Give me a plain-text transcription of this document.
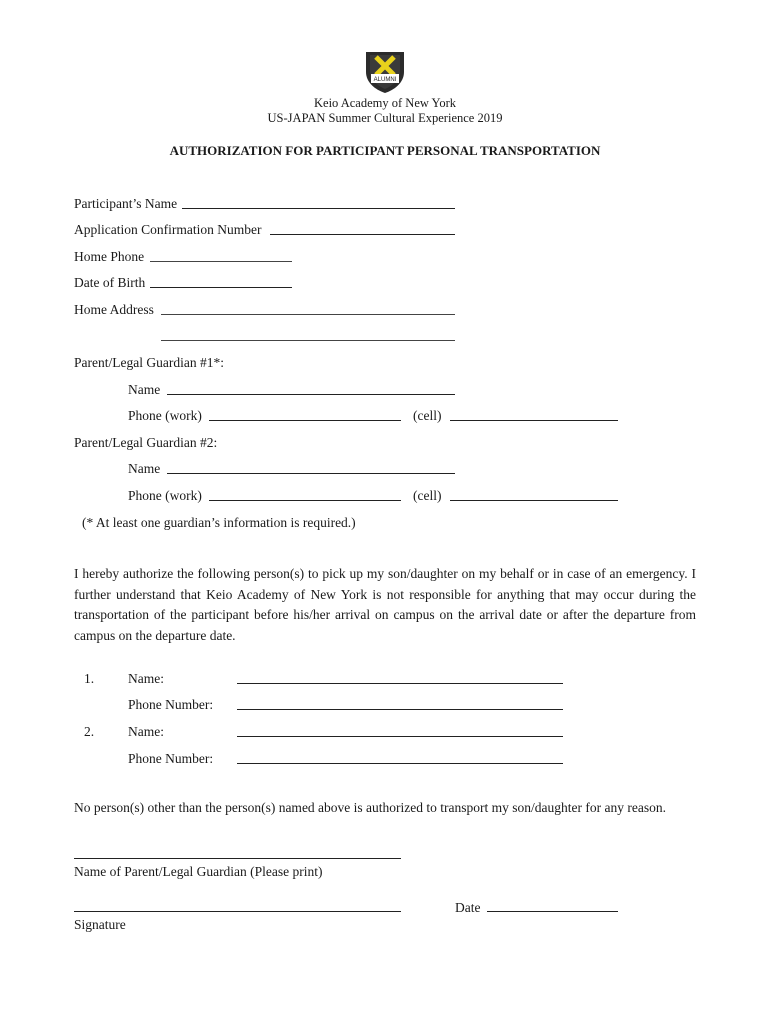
ALUMNI
Keio Academy of New York
US-JAPAN Summer Cultural Experience 2019
AUTHORIZATION FOR PARTICIPANT PERSONAL TRANSPORTATION
Participant’s Name
Application Confirmation Number
Home Phone
Date of Birth
Home Address
Parent/Legal Guardian #1*:
Name
Phone (work)	(cell)
Parent/Legal Guardian #2:
Name
Phone (work)	(cell)
(* At least one guardian’s information is required.)
I hereby authorize the following person(s) to pick up my son/daughter on my behalf or in case of an emergency. I further understand that Keio Academy of New York is not responsible for anything that may occur during the transportation of the participant before his/her arrival on campus on the arrival date or after the departure from campus on the departure date.
1.	Name:
Phone Number:
2.	Name:
Phone Number:
No person(s) other than the person(s) named above is authorized to transport my son/daughter for any reason.
Name of Parent/Legal Guardian (Please print)
Signature
Date
